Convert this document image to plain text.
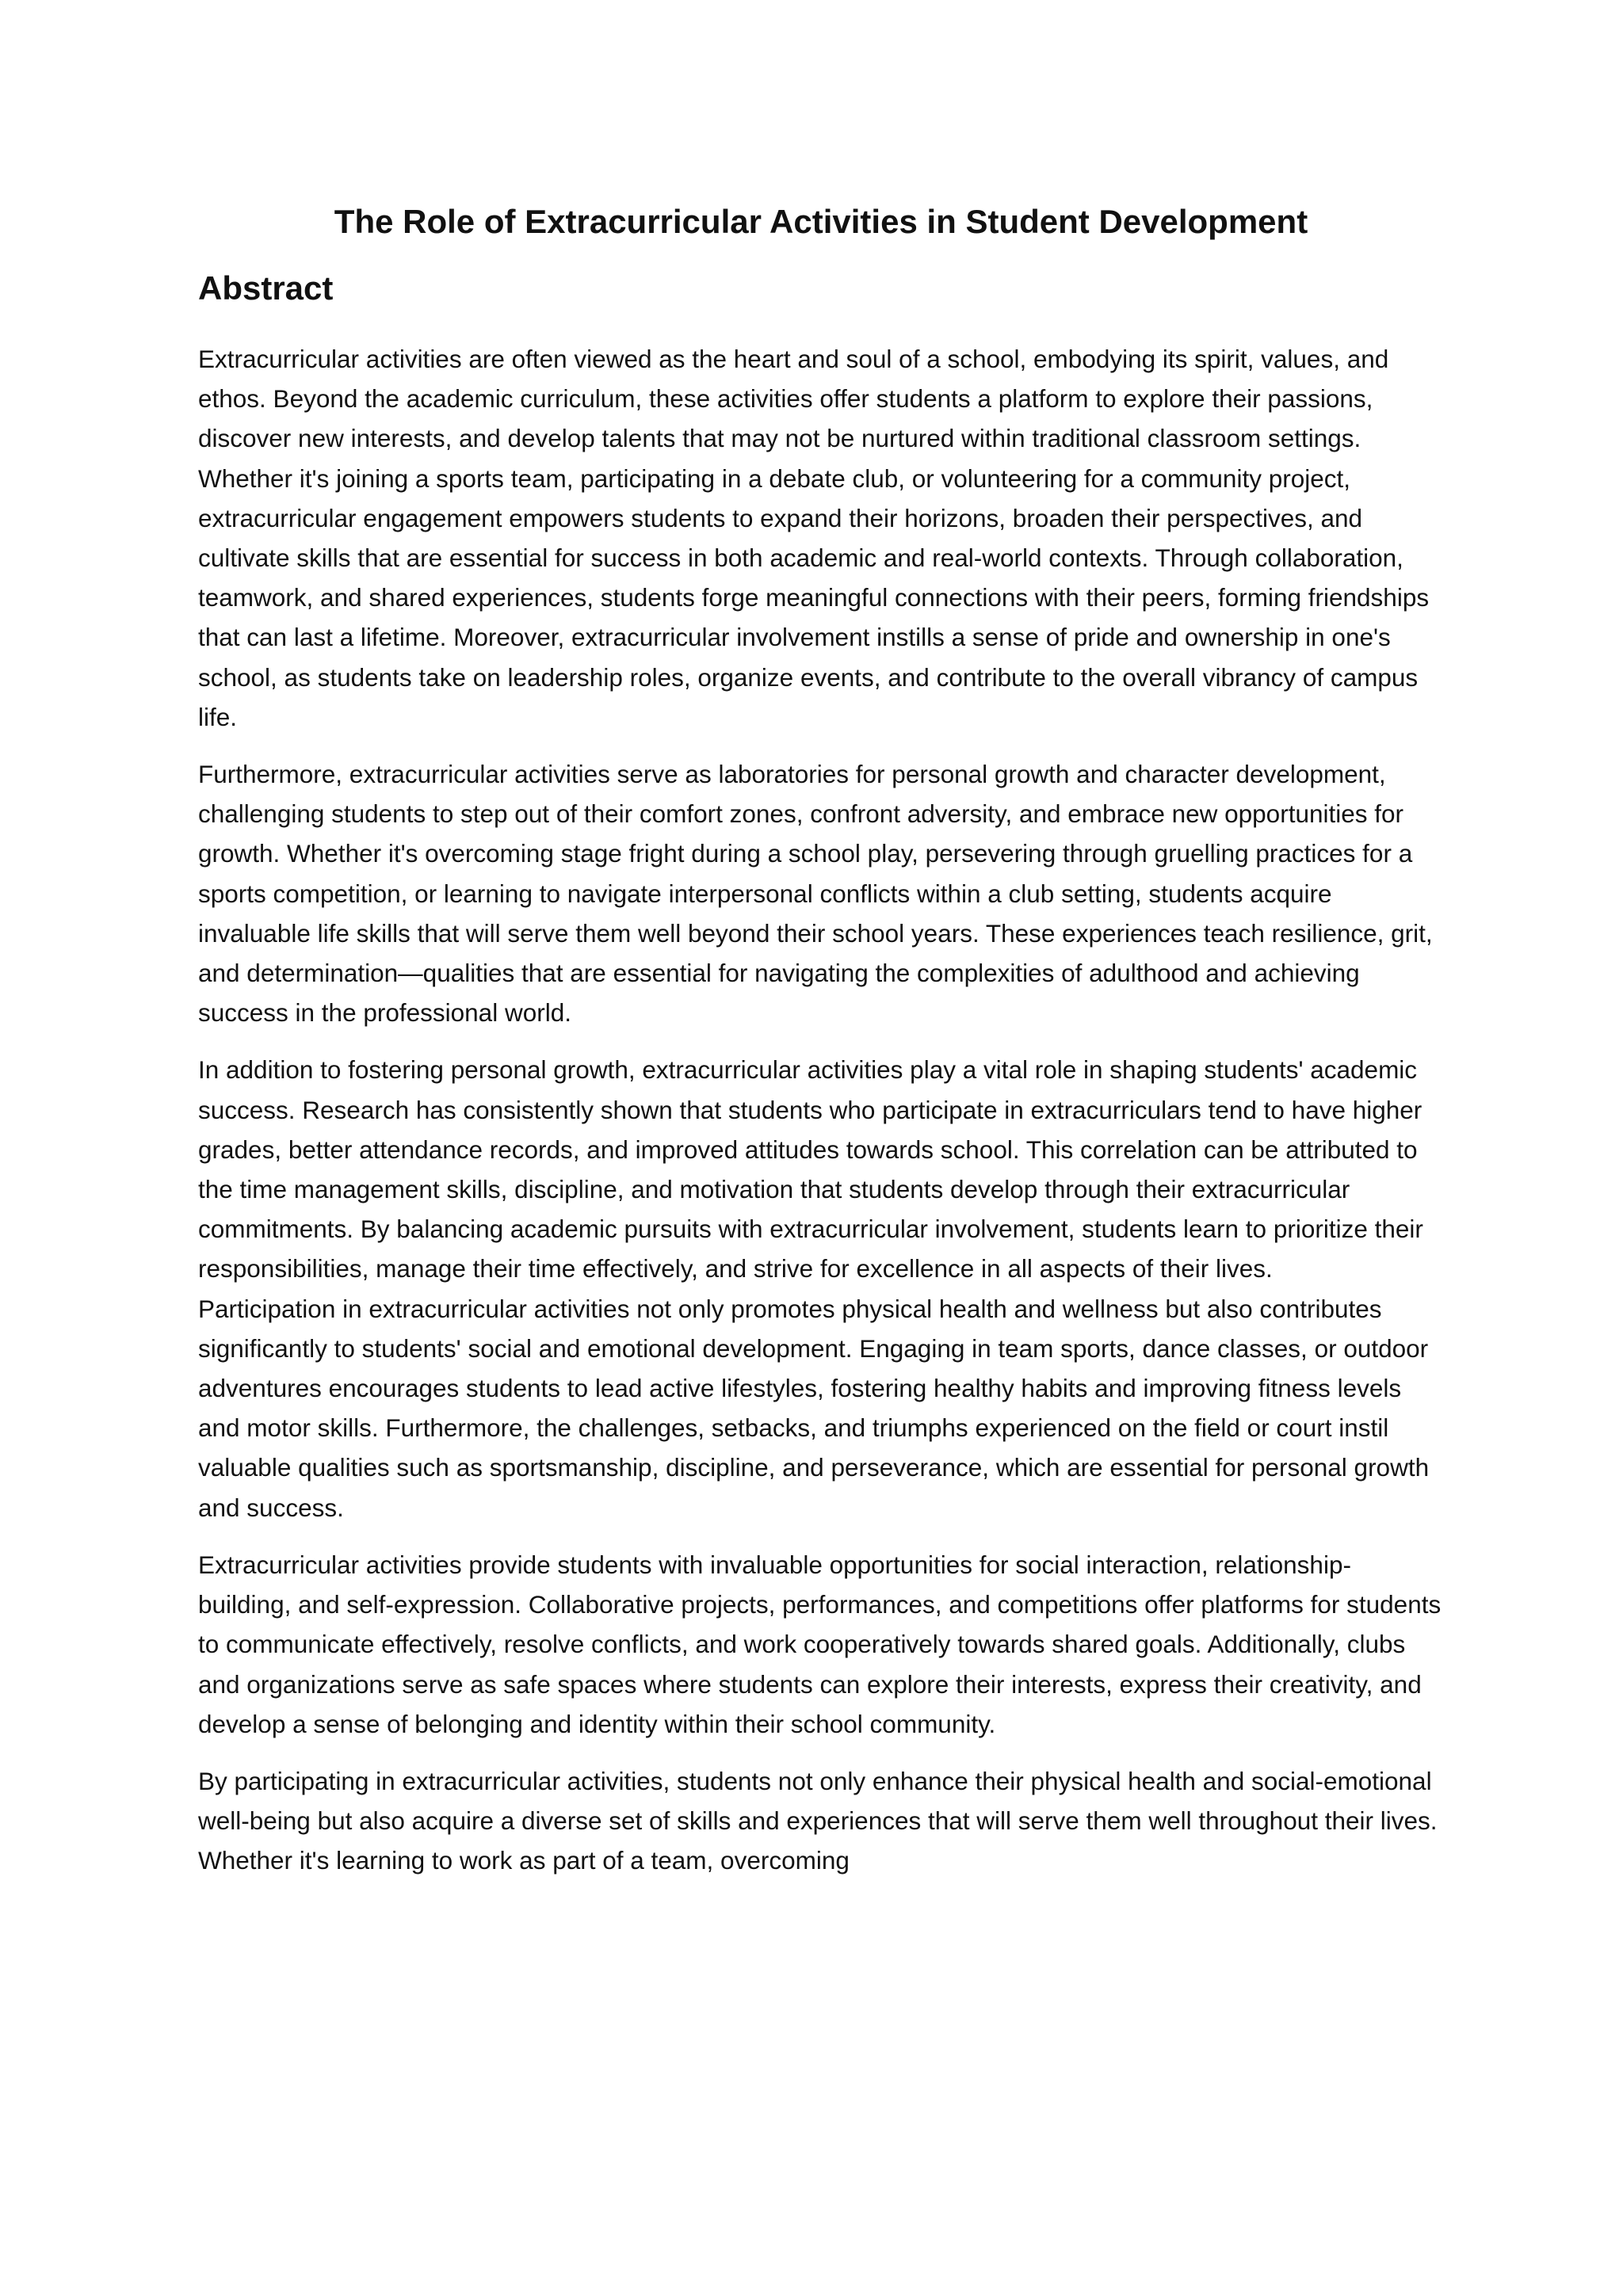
The Role of Extracurricular Activities in Student Development
Abstract

Extracurricular activities are often viewed as the heart and soul of a school, embodying its spirit, values, and ethos. Beyond the academic curriculum, these activities offer students a platform to explore their passions, discover new interests, and develop talents that may not be nurtured within traditional classroom settings. Whether it's joining a sports team, participating in a debate club, or volunteering for a community project, extracurricular engagement empowers students to expand their horizons, broaden their perspectives, and cultivate skills that are essential for success in both academic and real-world contexts. Through collaboration, teamwork, and shared experiences, students forge meaningful connections with their peers, forming friendships that can last a lifetime. Moreover, extracurricular involvement instills a sense of pride and ownership in one's school, as students take on leadership roles, organize events, and contribute to the overall vibrancy of campus life.

Furthermore, extracurricular activities serve as laboratories for personal growth and character development, challenging students to step out of their comfort zones, confront adversity, and embrace new opportunities for growth. Whether it's overcoming stage fright during a school play, persevering through gruelling practices for a sports competition, or learning to navigate interpersonal conflicts within a club setting, students acquire invaluable life skills that will serve them well beyond their school years. These experiences teach resilience, grit, and determination—qualities that are essential for navigating the complexities of adulthood and achieving success in the professional world.

In addition to fostering personal growth, extracurricular activities play a vital role in shaping students' academic success. Research has consistently shown that students who participate in extracurriculars tend to have higher grades, better attendance records, and improved attitudes towards school. This correlation can be attributed to the time management skills, discipline, and motivation that students develop through their extracurricular commitments. By balancing academic pursuits with extracurricular involvement, students learn to prioritize their responsibilities, manage their time effectively, and strive for excellence in all aspects of their lives.

Participation in extracurricular activities not only promotes physical health and wellness but also contributes significantly to students' social and emotional development. Engaging in team sports, dance classes, or outdoor adventures encourages students to lead active lifestyles, fostering healthy habits and improving fitness levels and motor skills. Furthermore, the challenges, setbacks, and triumphs experienced on the field or court instil valuable qualities such as sportsmanship, discipline, and perseverance, which are essential for personal growth and success.

Extracurricular activities provide students with invaluable opportunities for social interaction, relationship-building, and self-expression. Collaborative projects, performances, and competitions offer platforms for students to communicate effectively, resolve conflicts, and work cooperatively towards shared goals. Additionally, clubs and organizations serve as safe spaces where students can explore their interests, express their creativity, and develop a sense of belonging and identity within their school community.

By participating in extracurricular activities, students not only enhance their physical health and social-emotional well-being but also acquire a diverse set of skills and experiences that will serve them well throughout their lives. Whether it's learning to work as part of a team, overcoming
